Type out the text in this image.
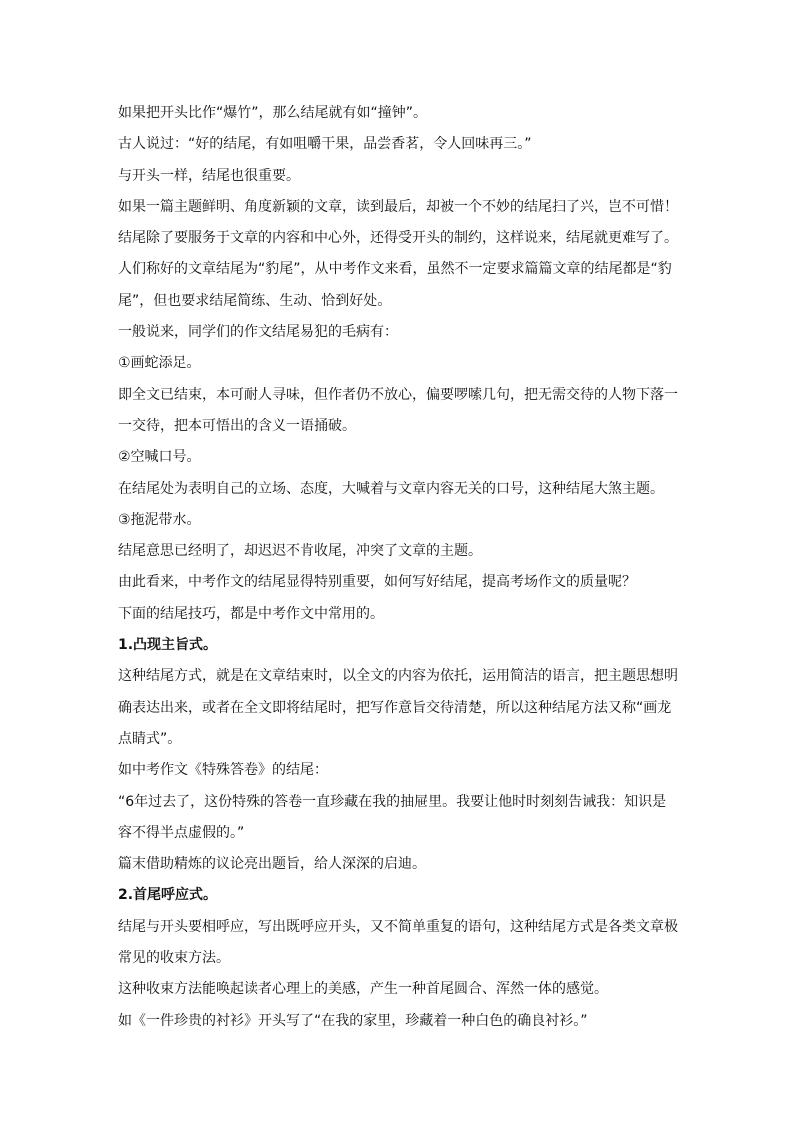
如果把开头比作“爆竹”，那么结尾就有如“撞钟”。
古人说过：“好的结尾，有如咀嚼干果，品尝香茗，令人回味再三。”
与开头一样，结尾也很重要。
如果一篇主题鲜明、角度新颖的文章，读到最后，却被一个不妙的结尾扫了兴，岂不可惜！
结尾除了要服务于文章的内容和中心外，还得受开头的制约，这样说来，结尾就更难写了。
人们称好的文章结尾为“豹尾”，从中考作文来看，虽然不一定要求篇篇文章的结尾都是“豹尾”，但也要求结尾简练、生动、恰到好处。
一般说来，同学们的作文结尾易犯的毛病有：
①画蛇添足。
即全文已结束，本可耐人寻味，但作者仍不放心，偏要啰嗦几句，把无需交待的人物下落一一交待，把本可悟出的含义一语捅破。
②空喊口号。
在结尾处为表明自己的立场、态度，大喊着与文章内容无关的口号，这种结尾大煞主题。
③拖泥带水。
结尾意思已经明了，却迟迟不肯收尾，冲突了文章的主题。
由此看来，中考作文的结尾显得特别重要，如何写好结尾，提高考场作文的质量呢？
下面的结尾技巧，都是中考作文中常用的。
1.凸现主旨式。
这种结尾方式，就是在文章结束时，以全文的内容为依托，运用简洁的语言，把主题思想明确表达出来，或者在全文即将结尾时，把写作意旨交待清楚，所以这种结尾方法又称“画龙点睛式”。
如中考作文《特殊答卷》的结尾：
“6年过去了，这份特殊的答卷一直珍藏在我的抽屉里。我要让他时时刻刻告诫我：知识是容不得半点虚假的。”
篇末借助精炼的议论亮出题旨，给人深深的启迪。
2.首尾呼应式。
结尾与开头要相呼应，写出既呼应开头，又不简单重复的语句，这种结尾方式是各类文章极常见的收束方法。
这种收束方法能唤起读者心理上的美感，产生一种首尾圆合、浑然一体的感觉。
如《一件珍贵的衬衫》开头写了“在我的家里，珍藏着一种白色的确良衬衫。”
